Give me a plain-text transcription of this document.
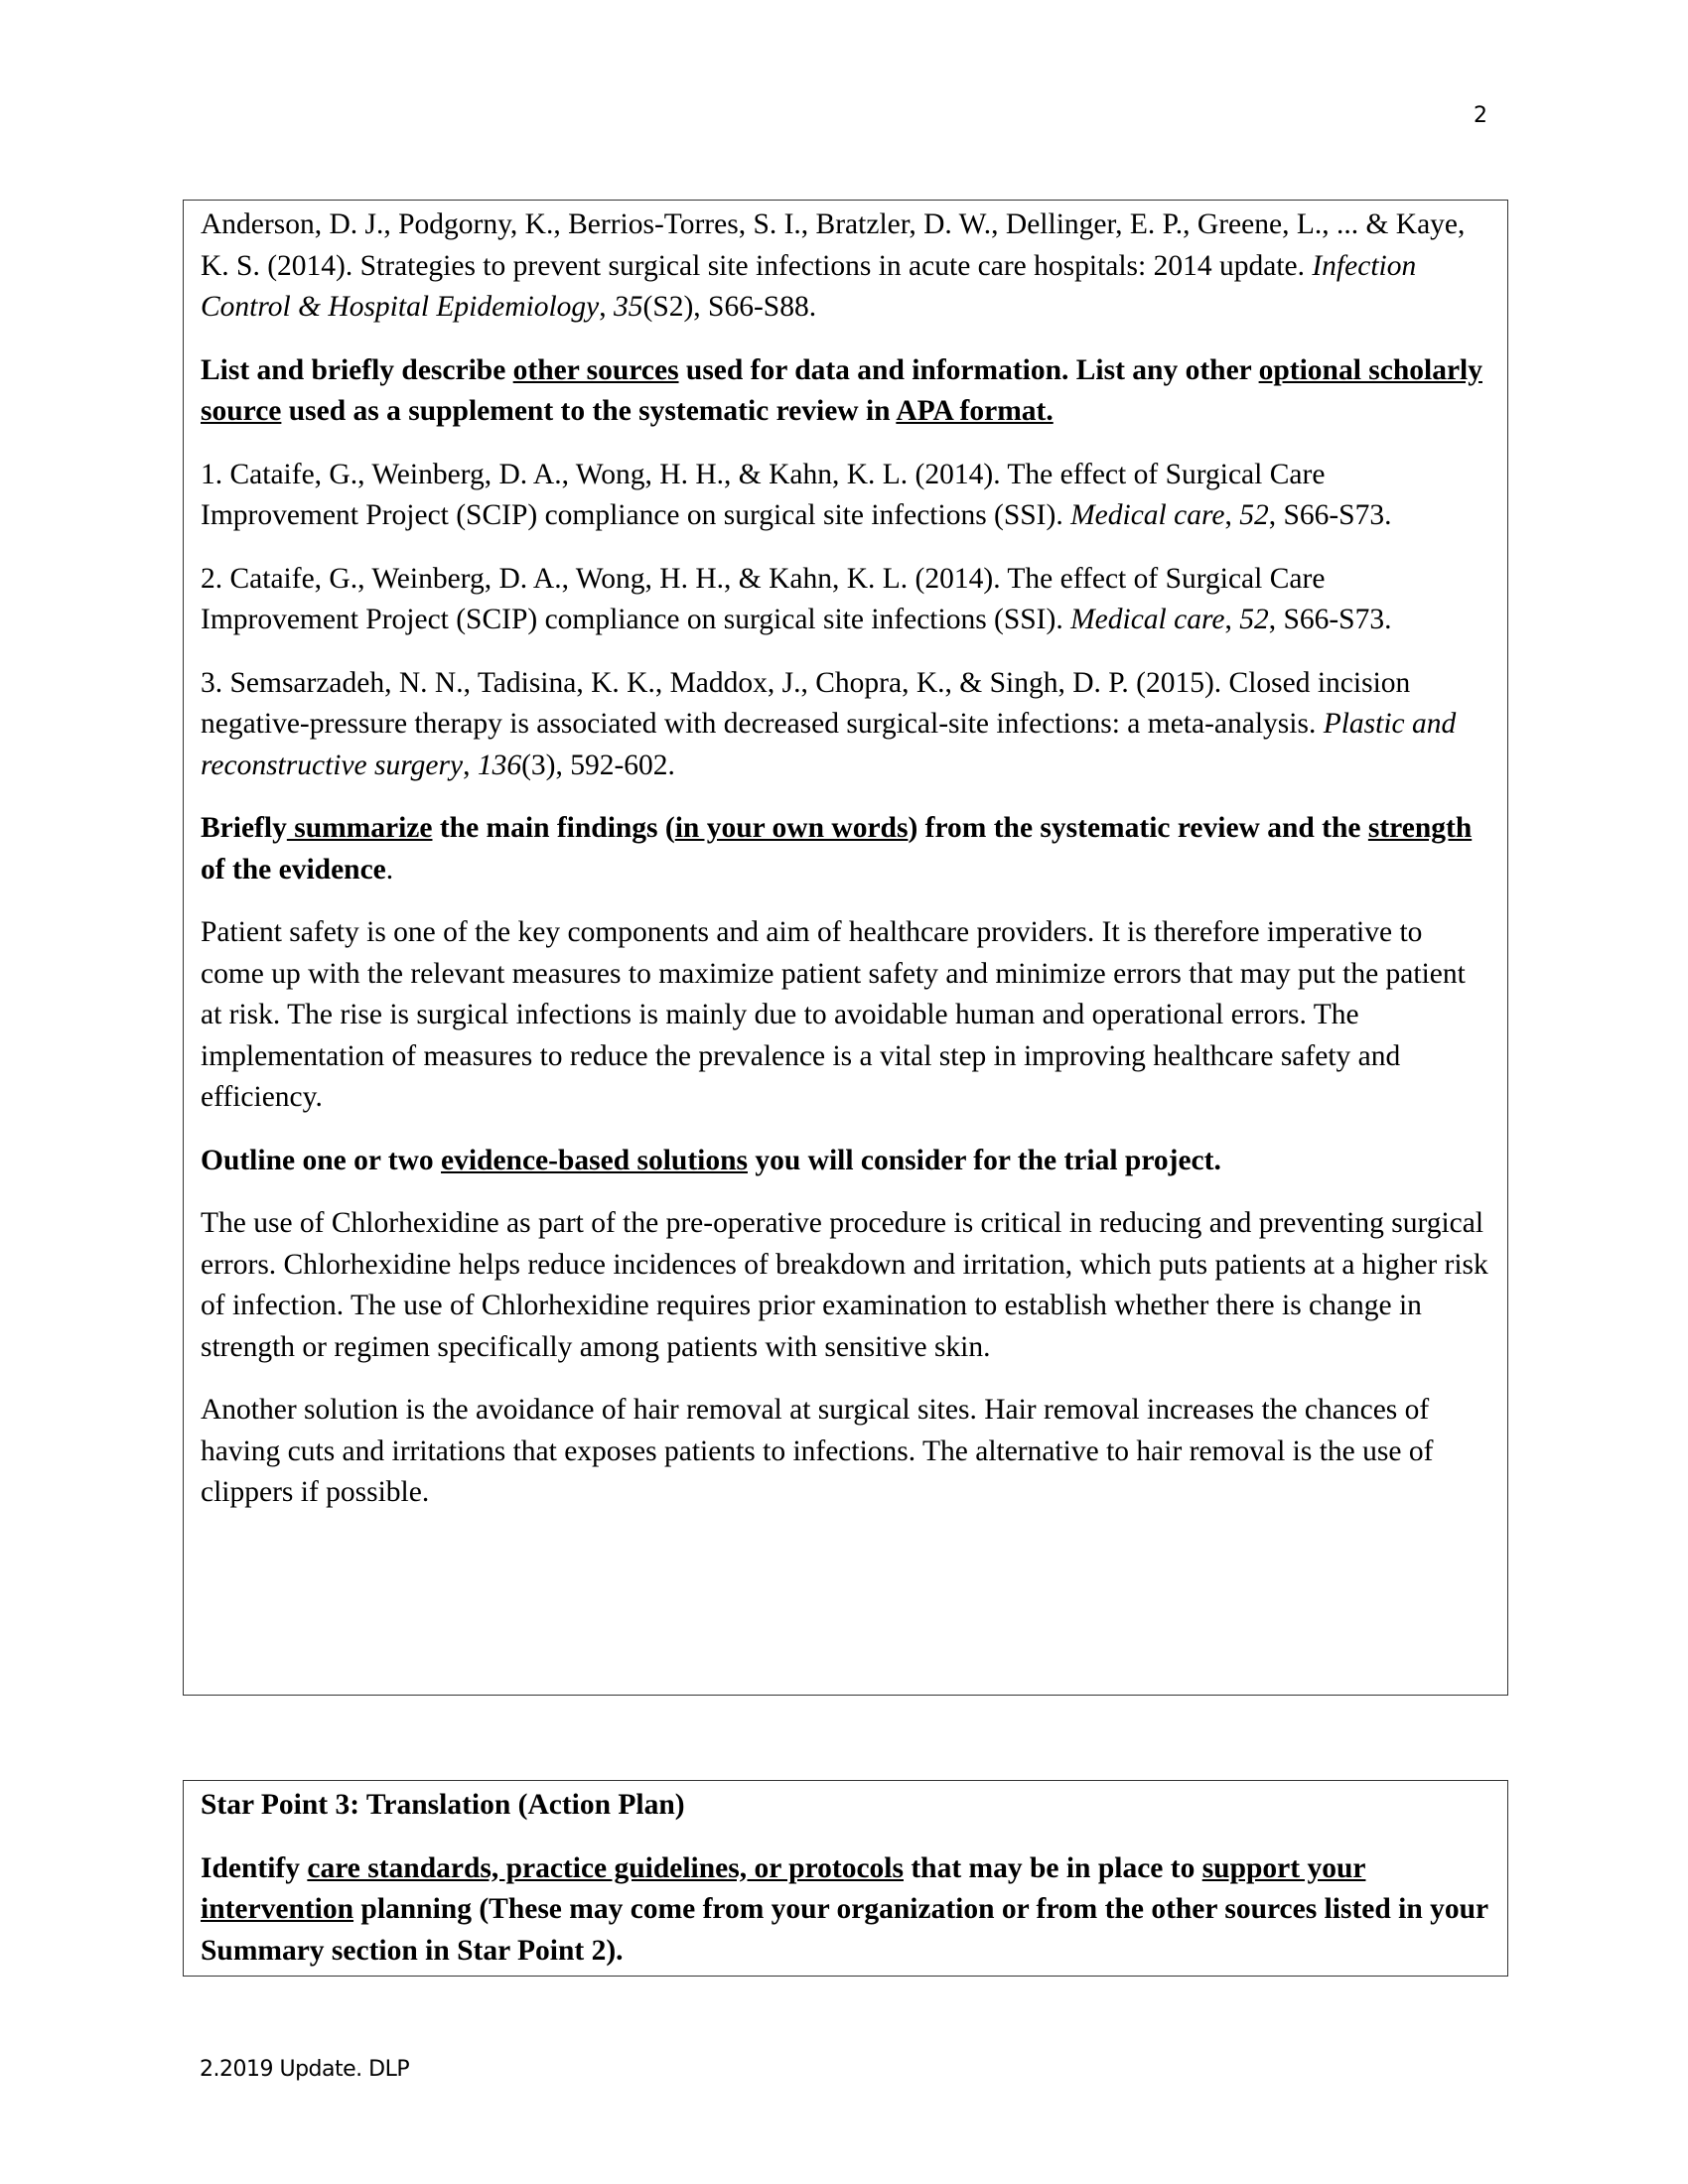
2

Anderson, D. J., Podgorny, K., Berrios-Torres, S. I., Bratzler, D. W., Dellinger, E. P., Greene, L., ... & Kaye, K. S. (2014). Strategies to prevent surgical site infections in acute care hospitals: 2014 update. Infection Control & Hospital Epidemiology, 35(S2), S66-S88.

List and briefly describe other sources used for data and information. List any other optional scholarly source used as a supplement to the systematic review in APA format.

1. Cataife, G., Weinberg, D. A., Wong, H. H., & Kahn, K. L. (2014). The effect of Surgical Care Improvement Project (SCIP) compliance on surgical site infections (SSI). Medical care, 52, S66-S73.

2. Cataife, G., Weinberg, D. A., Wong, H. H., & Kahn, K. L. (2014). The effect of Surgical Care Improvement Project (SCIP) compliance on surgical site infections (SSI). Medical care, 52, S66-S73.

3. Semsarzadeh, N. N., Tadisina, K. K., Maddox, J., Chopra, K., & Singh, D. P. (2015). Closed incision negative-pressure therapy is associated with decreased surgical-site infections: a meta-analysis. Plastic and reconstructive surgery, 136(3), 592-602.

Briefly summarize the main findings (in your own words) from the systematic review and the strength of the evidence.

Patient safety is one of the key components and aim of healthcare providers. It is therefore imperative to come up with the relevant measures to maximize patient safety and minimize errors that may put the patient at risk. The rise is surgical infections is mainly due to avoidable human and operational errors. The implementation of measures to reduce the prevalence is a vital step in improving healthcare safety and efficiency.

Outline one or two evidence-based solutions you will consider for the trial project.

The use of Chlorhexidine as part of the pre-operative procedure is critical in reducing and preventing surgical errors. Chlorhexidine helps reduce incidences of breakdown and irritation, which puts patients at a higher risk of infection. The use of Chlorhexidine requires prior examination to establish whether there is change in strength or regimen specifically among patients with sensitive skin.

Another solution is the avoidance of hair removal at surgical sites. Hair removal increases the chances of having cuts and irritations that exposes patients to infections. The alternative to hair removal is the use of clippers if possible.

Star Point 3: Translation (Action Plan)

Identify care standards, practice guidelines, or protocols that may be in place to support your intervention planning (These may come from your organization or from the other sources listed in your Summary section in Star Point 2).

2.2019 Update. DLP
